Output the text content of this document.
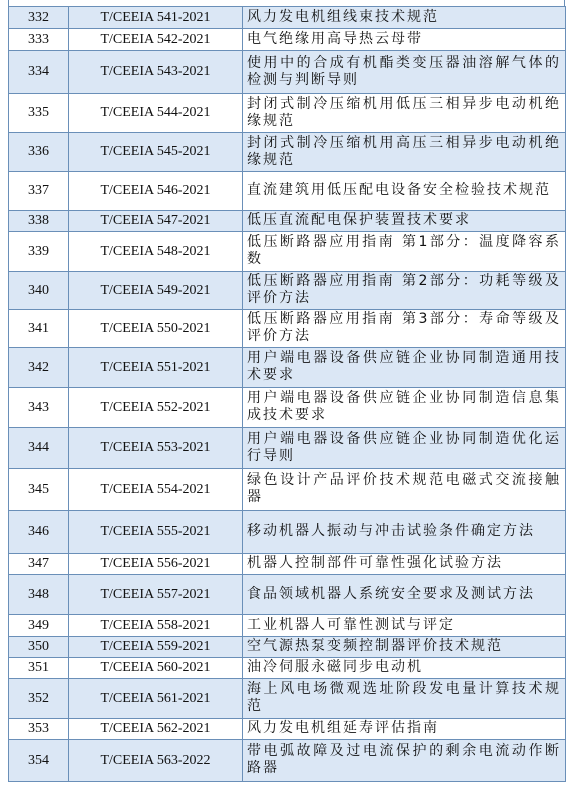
332	T/CEEIA 541-2021	风力发电机组线束技术规范
333	T/CEEIA 542-2021	电气绝缘用高导热云母带
334	T/CEEIA 543-2021	使用中的合成有机酯类变压器油溶解气体的检测与判断导则
335	T/CEEIA 544-2021	封闭式制冷压缩机用低压三相异步电动机绝缘规范
336	T/CEEIA 545-2021	封闭式制冷压缩机用高压三相异步电动机绝缘规范
337	T/CEEIA 546-2021	直流建筑用低压配电设备安全检验技术规范
338	T/CEEIA 547-2021	低压直流配电保护装置技术要求
339	T/CEEIA 548-2021	低压断路器应用指南 第1部分：温度降容系数
340	T/CEEIA 549-2021	低压断路器应用指南 第2部分：功耗等级及评价方法
341	T/CEEIA 550-2021	低压断路器应用指南 第3部分：寿命等级及评价方法
342	T/CEEIA 551-2021	用户端电器设备供应链企业协同制造通用技术要求
343	T/CEEIA 552-2021	用户端电器设备供应链企业协同制造信息集成技术要求
344	T/CEEIA 553-2021	用户端电器设备供应链企业协同制造优化运行导则
345	T/CEEIA 554-2021	绿色设计产品评价技术规范电磁式交流接触器
346	T/CEEIA 555-2021	移动机器人振动与冲击试验条件确定方法
347	T/CEEIA 556-2021	机器人控制部件可靠性强化试验方法
348	T/CEEIA 557-2021	食品领域机器人系统安全要求及测试方法
349	T/CEEIA 558-2021	工业机器人可靠性测试与评定
350	T/CEEIA 559-2021	空气源热泵变频控制器评价技术规范
351	T/CEEIA 560-2021	油冷伺服永磁同步电动机
352	T/CEEIA 561-2021	海上风电场微观选址阶段发电量计算技术规范
353	T/CEEIA 562-2021	风力发电机组延寿评估指南
354	T/CEEIA 563-2022	带电弧故障及过电流保护的剩余电流动作断路器
